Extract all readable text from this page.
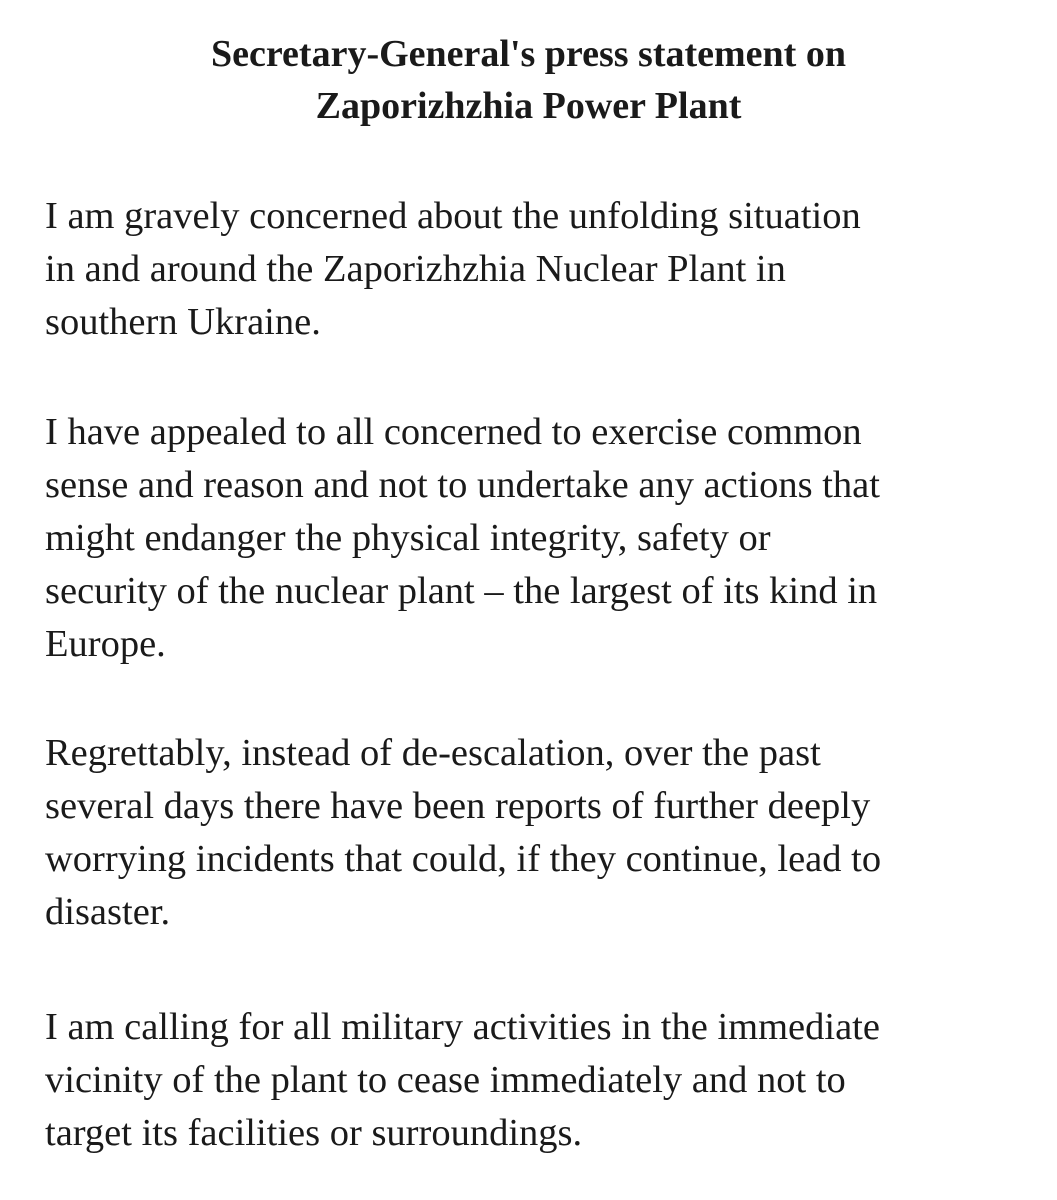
Secretary-General's press statement on
Zaporizhzhia Power Plant

I am gravely concerned about the unfolding situation
in and around the Zaporizhzhia Nuclear Plant in
southern Ukraine.

I have appealed to all concerned to exercise common
sense and reason and not to undertake any actions that
might endanger the physical integrity, safety or
security of the nuclear plant – the largest of its kind in
Europe.

Regrettably, instead of de-escalation, over the past
several days there have been reports of further deeply
worrying incidents that could, if they continue, lead to
disaster.

I am calling for all military activities in the immediate
vicinity of the plant to cease immediately and not to
target its facilities or surroundings.
